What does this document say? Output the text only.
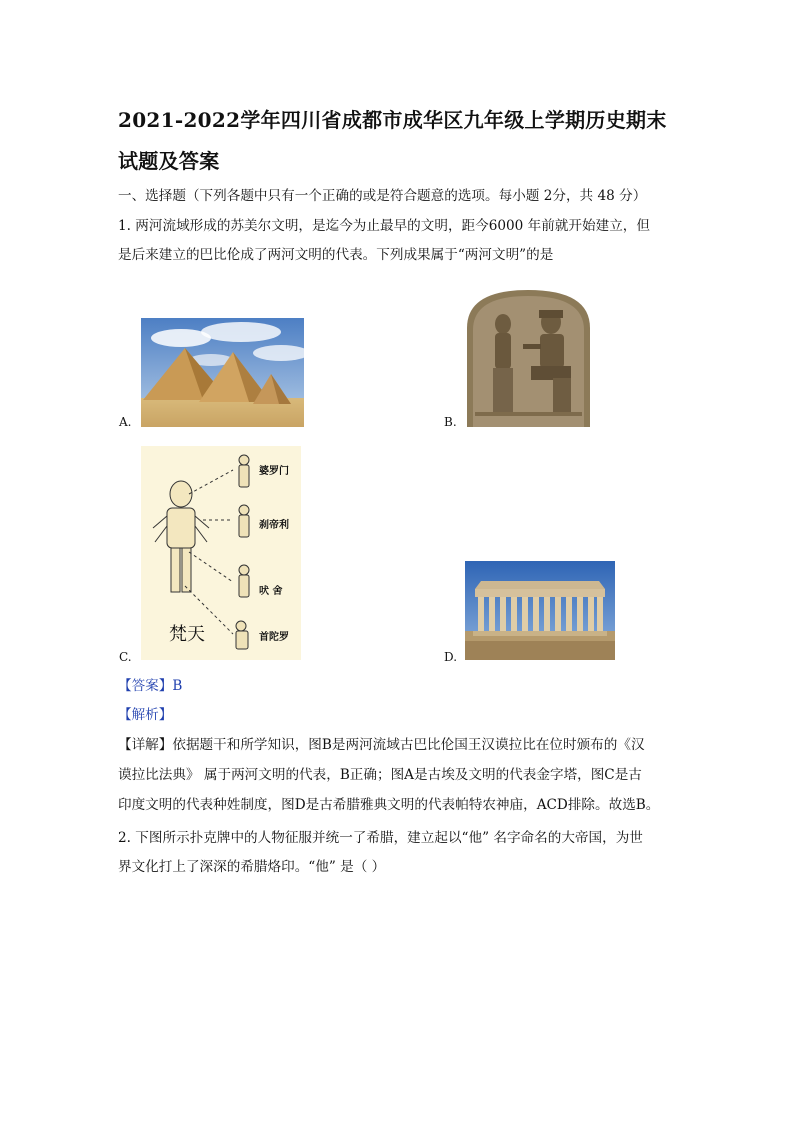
2021-2022学年四川省成都市成华区九年级上学期历史期末
试题及答案
一、选择题（下列各题中只有一个正确的或是符合题意的选项。每小题 2分，共 48 分）
1. 两河流域形成的苏美尔文明，是迄今为止最早的文明，距今6000 年前就开始建立，但
是后来建立的巴比伦成了两河文明的代表。下列成果属于“两河文明”的是
A.	B.
C.
婆罗门
刹帝利
吠 舍
首陀罗
梵天
D.
【答案】B
【解析】
【详解】依据题干和所学知识，图B是两河流域古巴比伦国王汉谟拉比在位时颁布的《汉
谟拉比法典》 属于两河文明的代表，B正确；图A是古埃及文明的代表金字塔，图C是古
印度文明的代表种姓制度，图D是古希腊雅典文明的代表帕特农神庙，ACD排除。故选B。
2. 下图所示扑克牌中的人物征服并统一了希腊，建立起以“他” 名字命名的大帝国，为世
界文化打上了深深的希腊烙印。“他” 是（ ）
